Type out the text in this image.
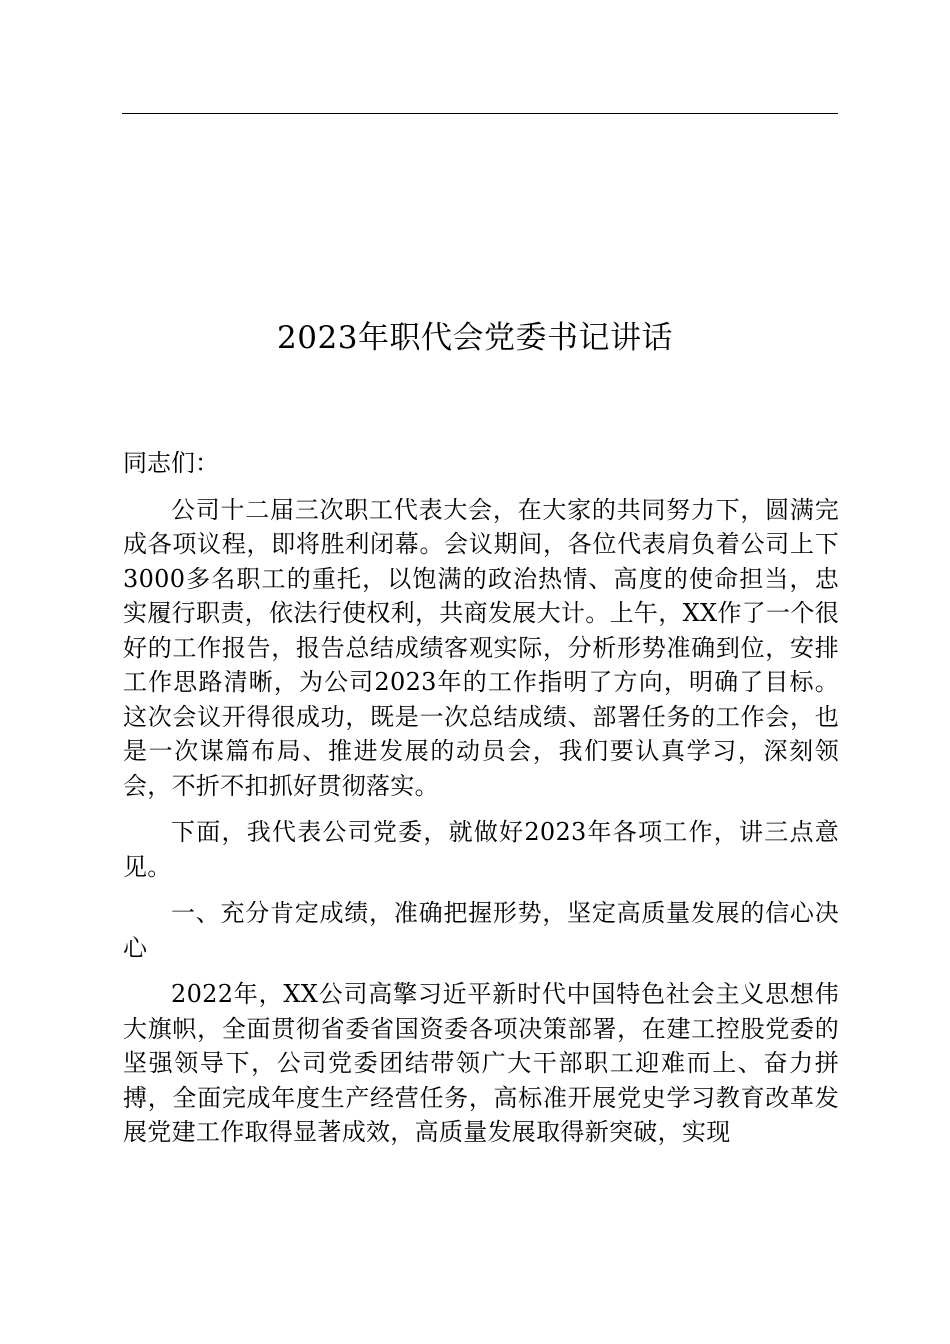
2023年职代会党委书记讲话

同志们：

公司十二届三次职工代表大会，在大家的共同努力下，圆满完成各项议程，即将胜利闭幕。会议期间，各位代表肩负着公司上下3000多名职工的重托，以饱满的政治热情、高度的使命担当，忠实履行职责，依法行使权利，共商发展大计。上午，XX作了一个很好的工作报告，报告总结成绩客观实际，分析形势准确到位，安排工作思路清晰，为公司2023年的工作指明了方向，明确了目标。这次会议开得很成功，既是一次总结成绩、部署任务的工作会，也是一次谋篇布局、推进发展的动员会，我们要认真学习，深刻领会，不折不扣抓好贯彻落实。

下面，我代表公司党委，就做好2023年各项工作，讲三点意见。

一、充分肯定成绩，准确把握形势，坚定高质量发展的信心决心

2022年，XX公司高擎习近平新时代中国特色社会主义思想伟大旗帜，全面贯彻省委省国资委各项决策部署，在建工控股党委的坚强领导下，公司党委团结带领广大干部职工迎难而上、奋力拼搏，全面完成年度生产经营任务，高标准开展党史学习教育改革发展党建工作取得显著成效，高质量发展取得新突破，实现
